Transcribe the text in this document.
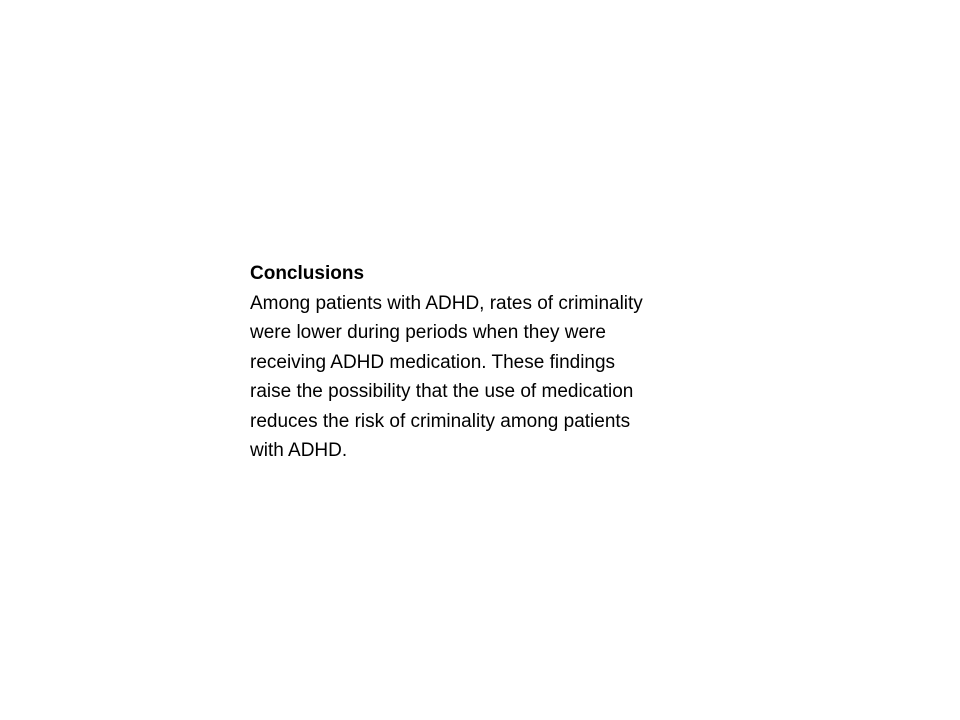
Conclusions

Among patients with ADHD, rates of criminality

were lower during periods when they were

receiving ADHD medication. These findings

raise the possibility that the use of medication

reduces the risk of criminality among patients

with ADHD.
